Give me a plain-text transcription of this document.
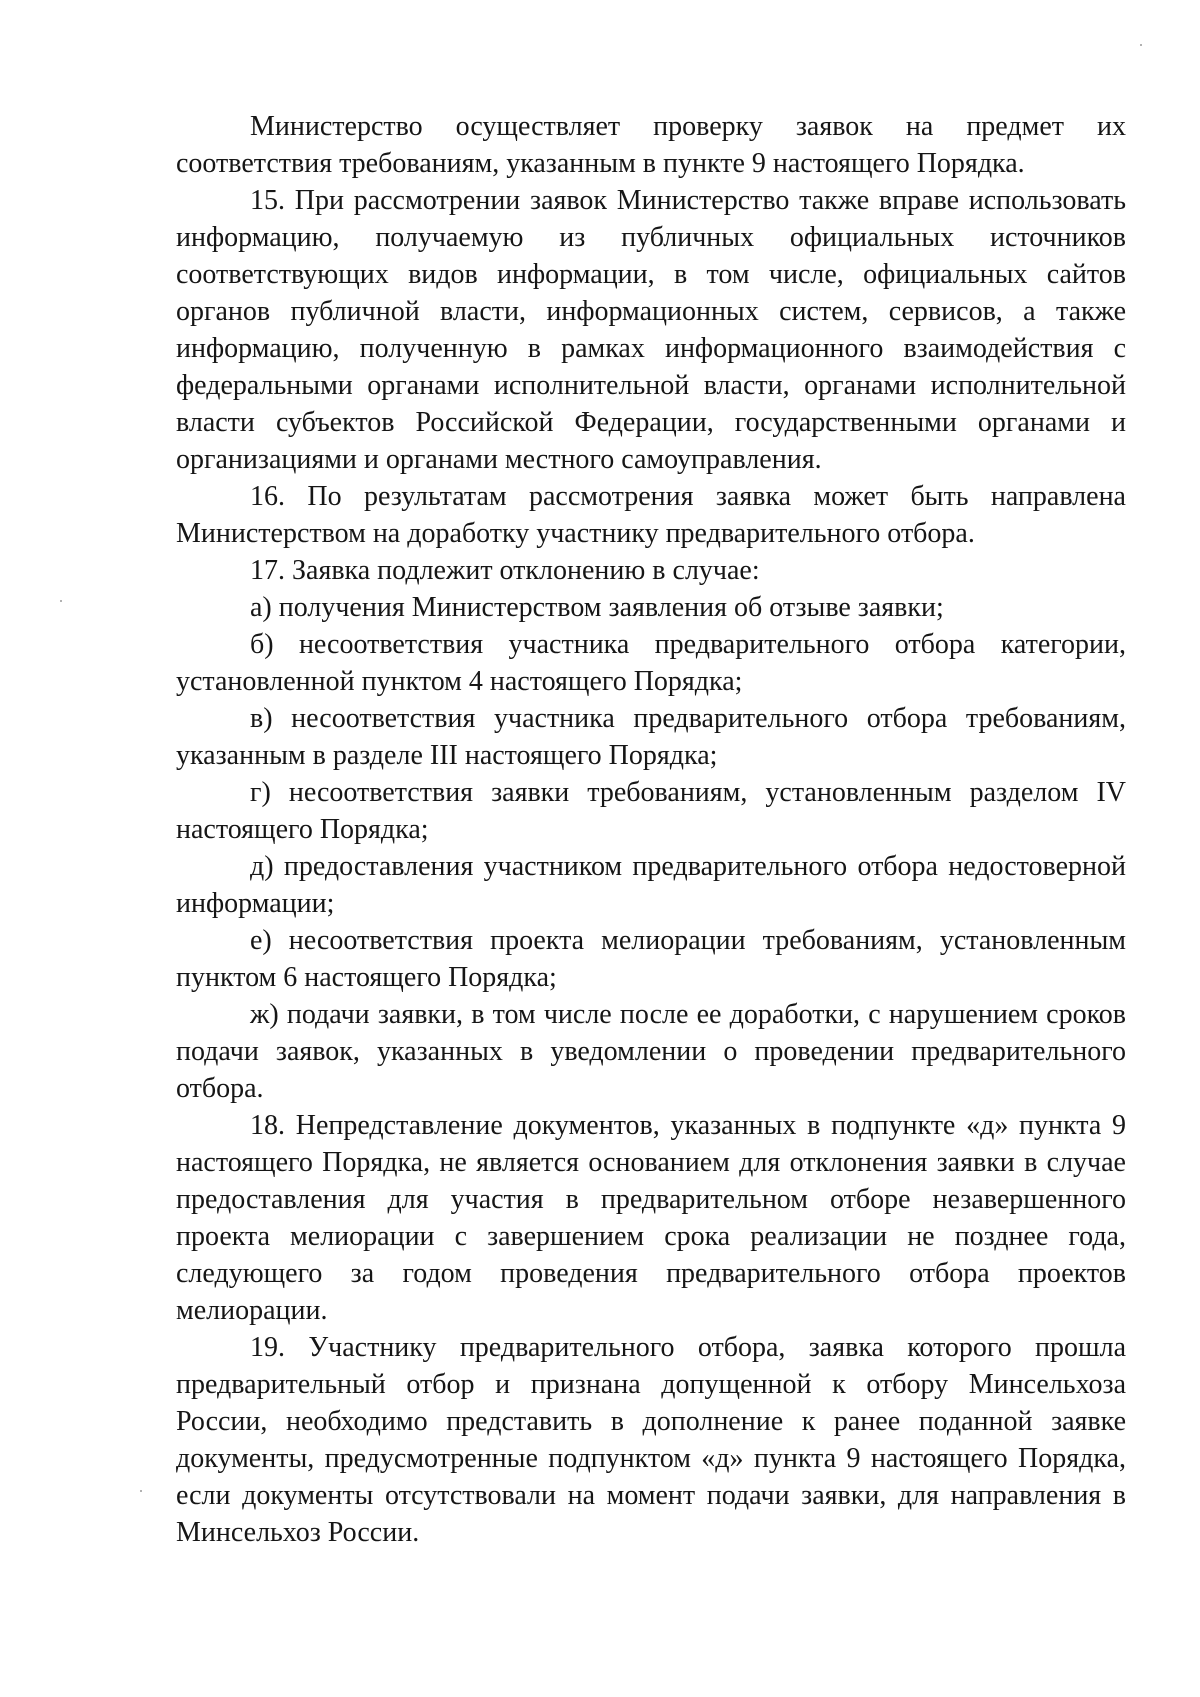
Министерство осуществляет проверку заявок на предмет их соответствия требованиям, указанным в пункте 9 настоящего Порядка.

15. При рассмотрении заявок Министерство также вправе использовать информацию, получаемую из публичных официальных источников соответствующих видов информации, в том числе, официальных сайтов органов публичной власти, информационных систем, сервисов, а также информацию, полученную в рамках информационного взаимодействия с федеральными органами исполнительной власти, органами исполнительной власти субъектов Российской Федерации, государственными органами и организациями и органами местного самоуправления.

16. По результатам рассмотрения заявка может быть направлена Министерством на доработку участнику предварительного отбора.

17. Заявка подлежит отклонению в случае:

а) получения Министерством заявления об отзыве заявки;

б) несоответствия участника предварительного отбора категории, установленной пунктом 4 настоящего Порядка;

в) несоответствия участника предварительного отбора требованиям, указанным в разделе III настоящего Порядка;

г) несоответствия заявки требованиям, установленным разделом IV настоящего Порядка;

д) предоставления участником предварительного отбора недостоверной информации;

е) несоответствия проекта мелиорации требованиям, установленным пунктом 6 настоящего Порядка;

ж) подачи заявки, в том числе после ее доработки, с нарушением сроков подачи заявок, указанных в уведомлении о проведении предварительного отбора.

18. Непредставление документов, указанных в подпункте «д» пункта 9 настоящего Порядка, не является основанием для отклонения заявки в случае предоставления для участия в предварительном отборе незавершенного проекта мелиорации с завершением срока реализации не позднее года, следующего за годом проведения предварительного отбора проектов мелиорации.

19. Участнику предварительного отбора, заявка которого прошла предварительный отбор и признана допущенной к отбору Минсельхоза России, необходимо представить в дополнение к ранее поданной заявке документы, предусмотренные подпунктом «д» пункта 9 настоящего Порядка, если документы отсутствовали на момент подачи заявки, для направления в Минсельхоз России.
